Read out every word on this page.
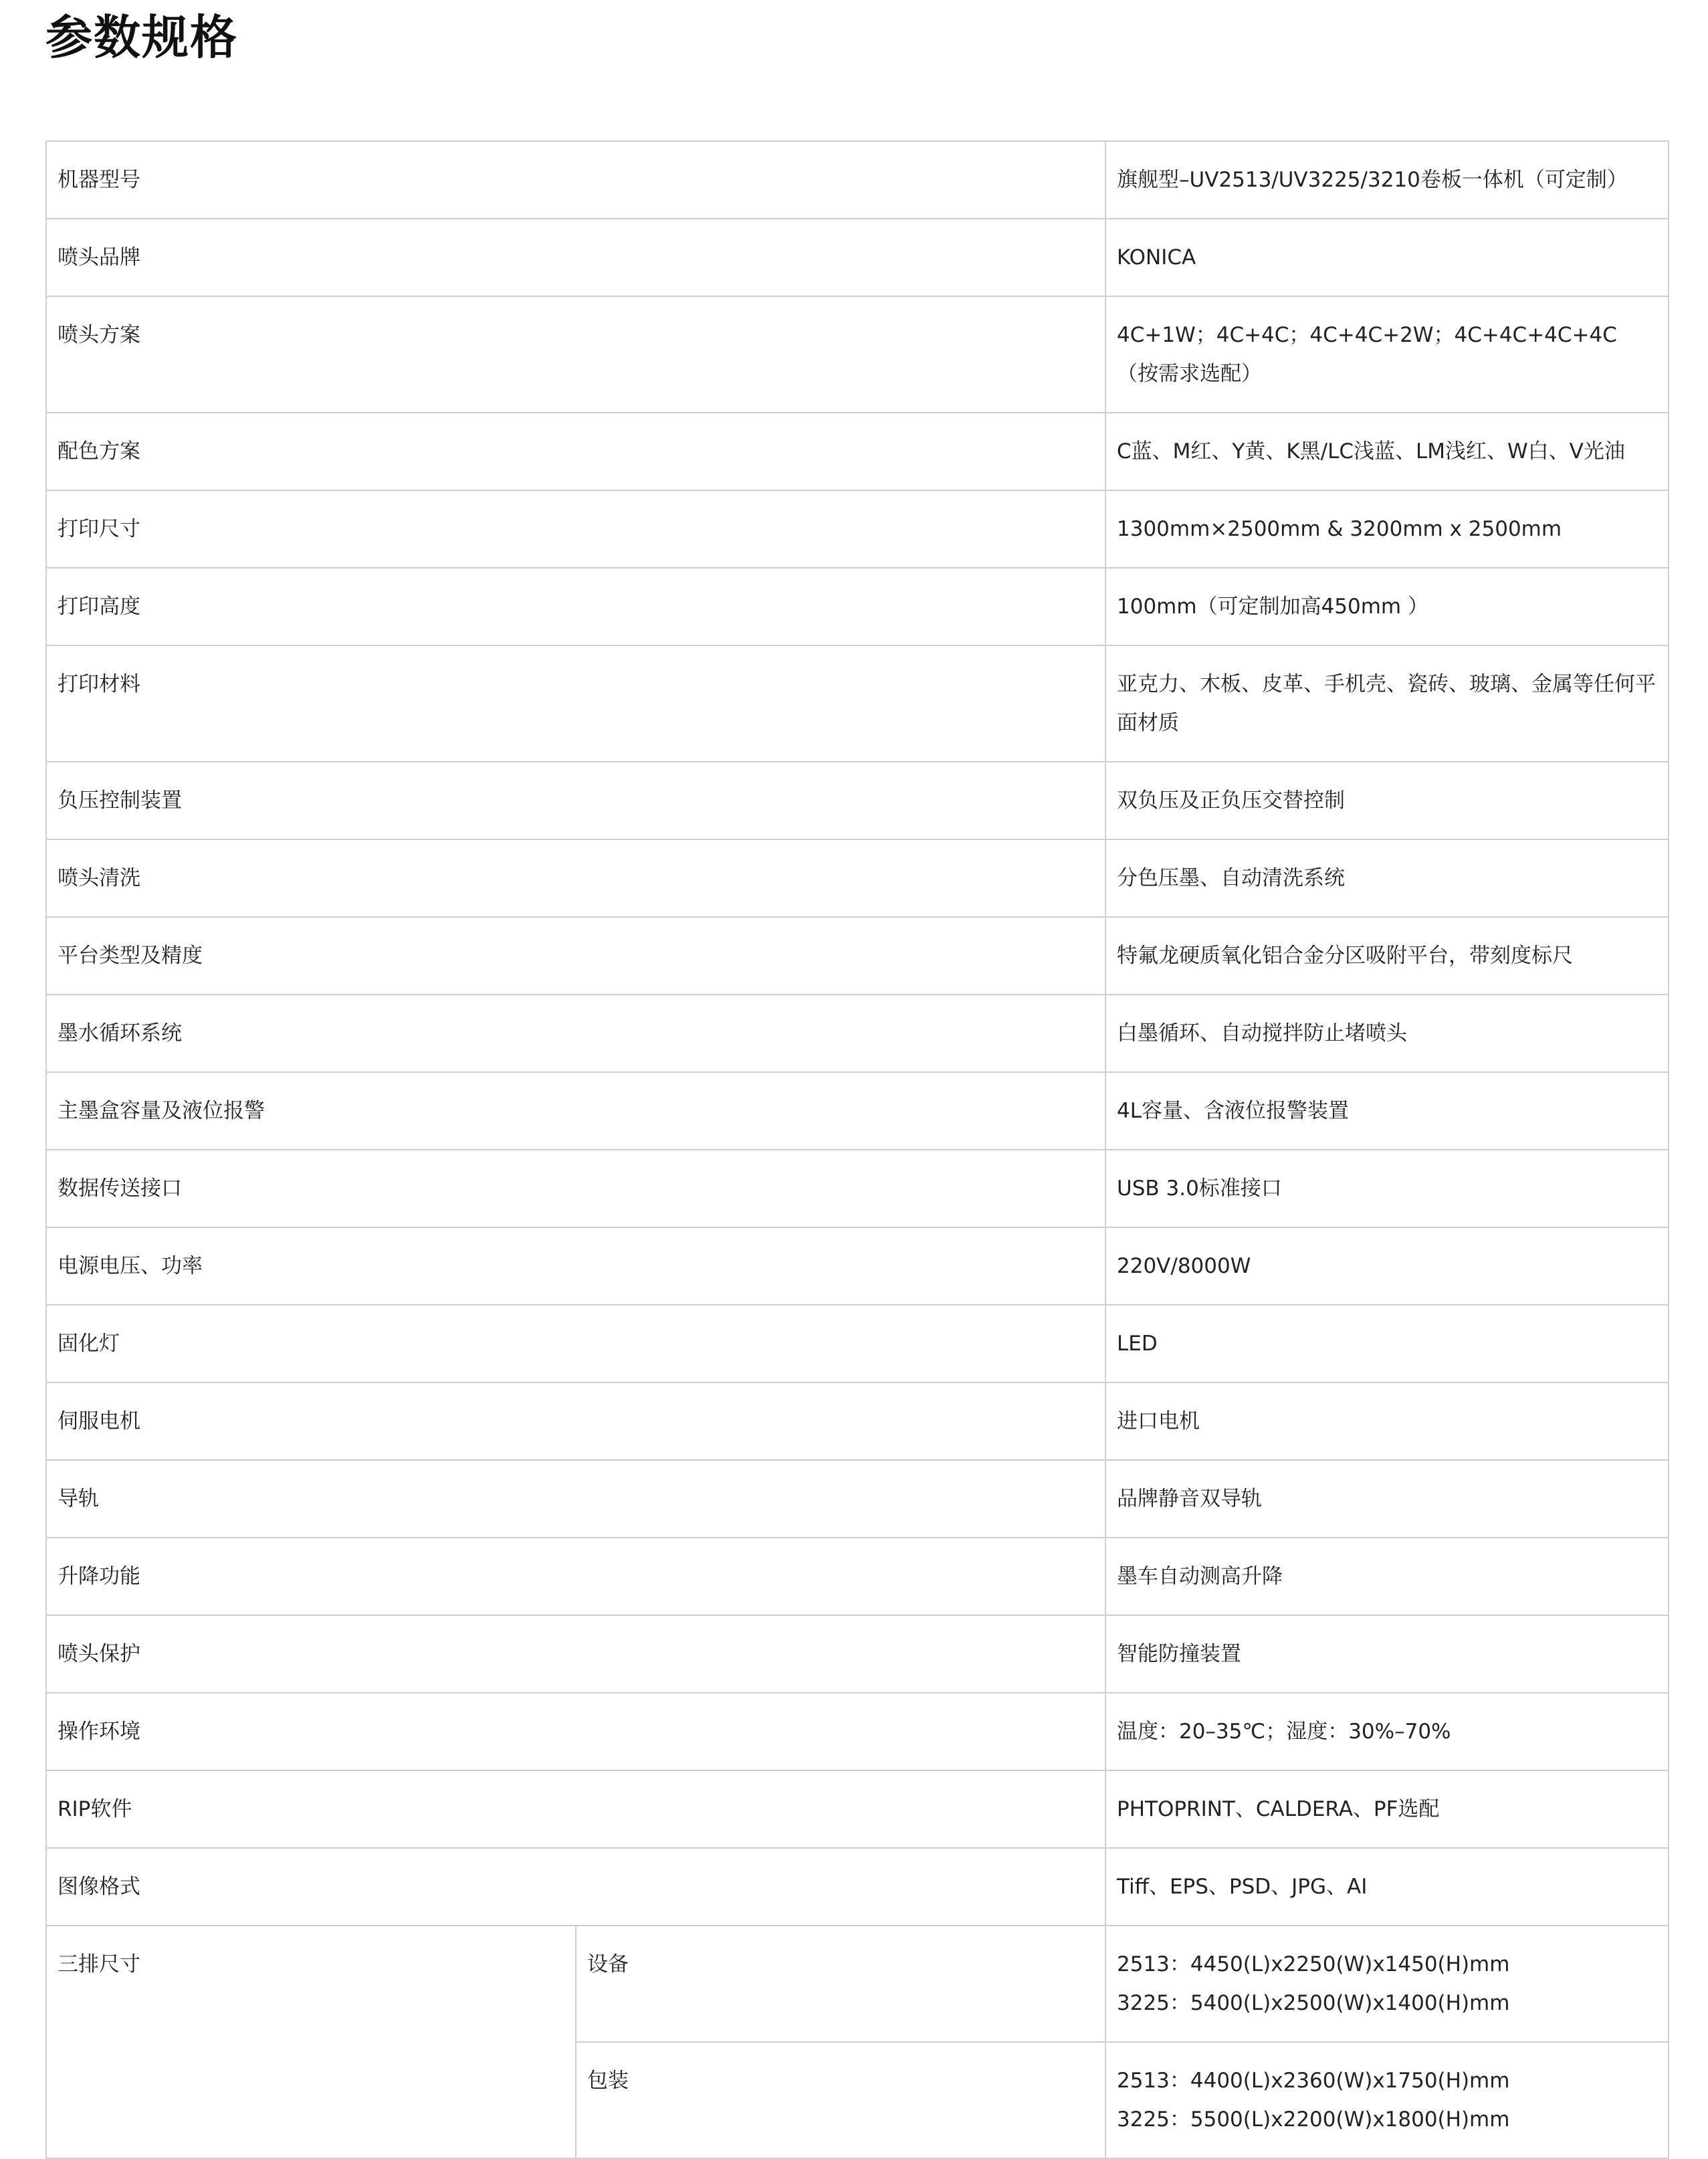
参数规格
机器型号		旗舰型–UV2513/UV3225/3210卷板一体机（可定制）
喷头品牌		KONICA
喷头方案		4C+1W；4C+4C；4C+4C+2W；4C+4C+4C+4C（按需求选配）
配色方案		C蓝、M红、Y黄、K黑/LC浅蓝、LM浅红、W白、V光油
打印尺寸		1300mm×2500mm & 3200mm x 2500mm
打印高度		100mm（可定制加高450mm ）
打印材料		亚克力、木板、皮革、手机壳、瓷砖、玻璃、金属等任何平面材质
负压控制装置		双负压及正负压交替控制
喷头清洗		分色压墨、自动清洗系统
平台类型及精度		特氟龙硬质氧化铝合金分区吸附平台，带刻度标尺
墨水循环系统		白墨循环、自动搅拌防止堵喷头
主墨盒容量及液位报警		4L容量、含液位报警装置
数据传送接口		USB 3.0标准接口
电源电压、功率		220V/8000W
固化灯		LED
伺服电机		进口电机
导轨		品牌静音双导轨
升降功能		墨车自动测高升降
喷头保护		智能防撞装置
操作环境		温度：20–35℃；湿度：30%–70%
RIP软件		PHTOPRINT、CALDERA、PF选配
图像格式		Tiff、EPS、PSD、JPG、AI
三排尺寸	设备	2513：4450(L)x2250(W)x1450(H)mm
3225：5400(L)x2500(W)x1400(H)mm

	包装	2513：4400(L)x2360(W)x1750(H)mm
3225：5500(L)x2200(W)x1800(H)mm
